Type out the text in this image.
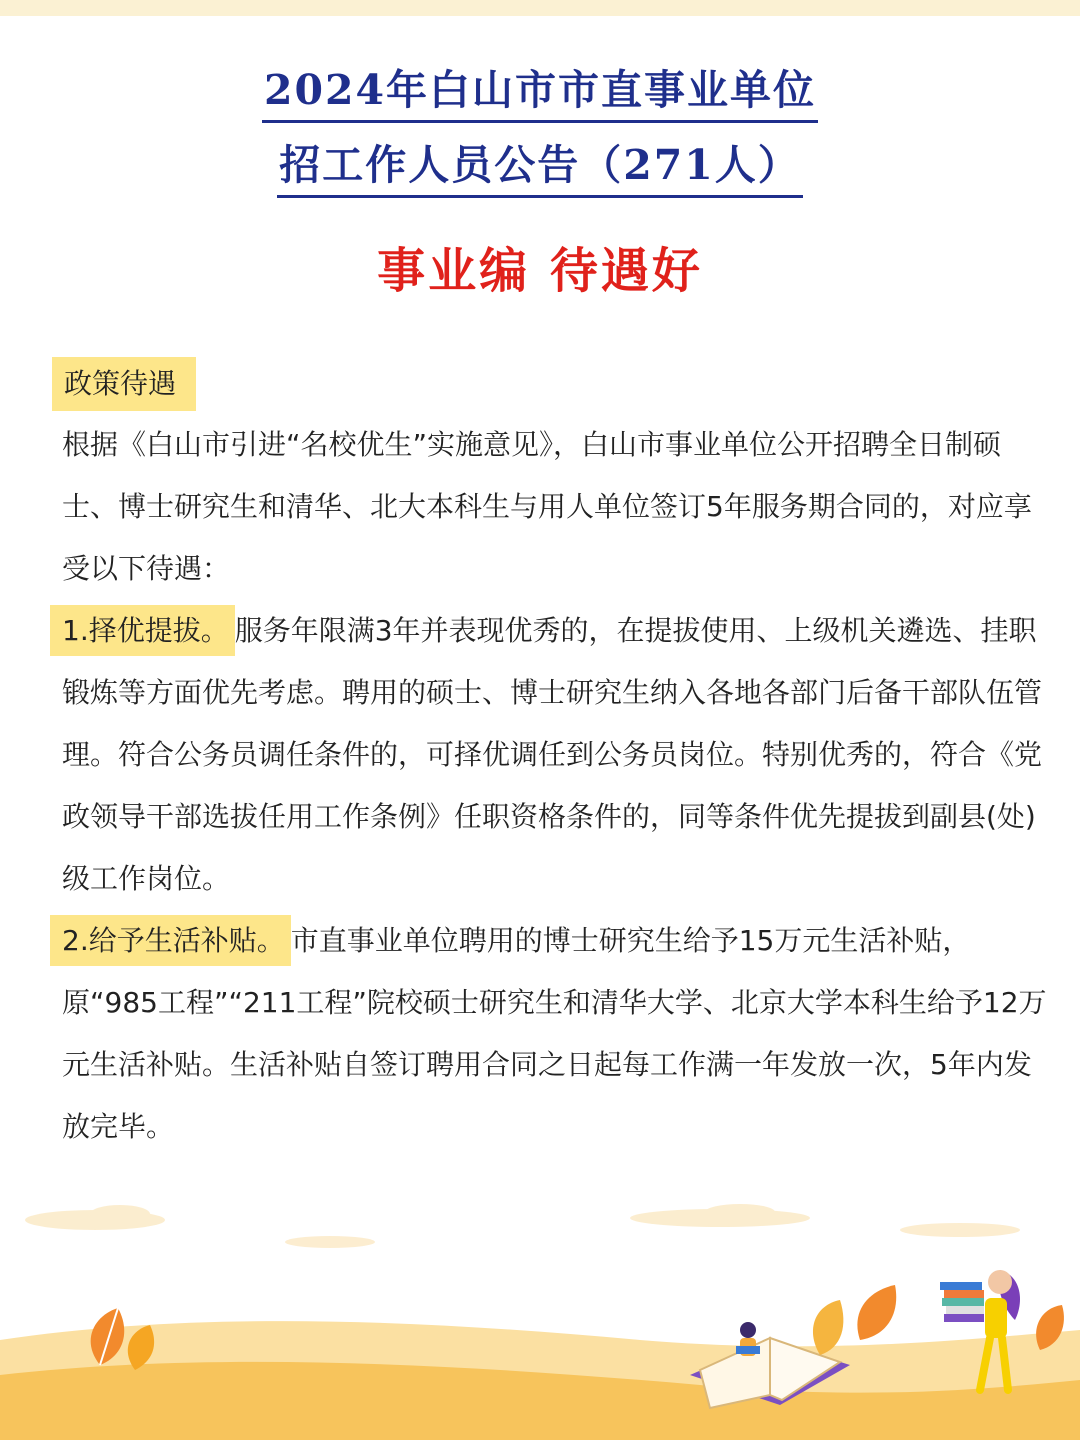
2024年白山市市直事业单位
招工作人员公告（271人）
事业编 待遇好
政策待遇

根据《白山市引进“名校优生”实施意见》，白山市事业单位公开招聘全日制硕士、博士研究生和清华、北大本科生与用人单位签订5年服务期合同的，对应享受以下待遇：

1.择优提拔。 服务年限满3年并表现优秀的，在提拔使用、上级机关遴选、挂职锻炼等方面优先考虑。聘用的硕士、博士研究生纳入各地各部门后备干部队伍管理。符合公务员调任条件的，可择优调任到公务员岗位。特别优秀的，符合《党政领导干部选拔任用工作条例》任职资格条件的，同等条件优先提拔到副县(处)级工作岗位。

2.给予生活补贴。 市直事业单位聘用的博士研究生给予15万元生活补贴，原“985工程”“211工程”院校硕士研究生和清华大学、北京大学本科生给予12万元生活补贴。生活补贴自签订聘用合同之日起每工作满一年发放一次，5年内发放完毕。
